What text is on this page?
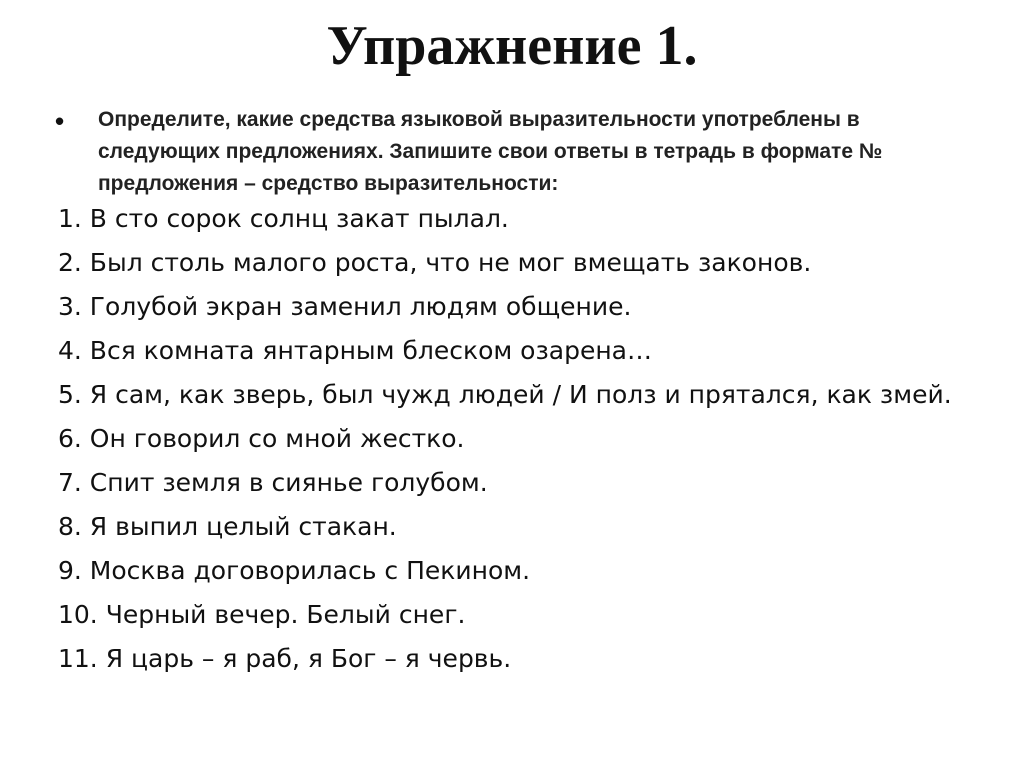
Упражнение 1.
• Определите, какие средства языковой выразительности употреблены в следующих предложениях. Запишите свои ответы в тетрадь в формате № предложения – средство выразительности:
1. В сто сорок солнц закат пылал.
2. Был столь малого роста, что не мог вмещать законов.
3. Голубой экран заменил людям общение.
4. Вся комната янтарным блеском озарена…
5. Я сам, как зверь, был чужд людей / И полз и прятался, как змей.
6. Он говорил со мной жестко.
7. Спит земля в сиянье голубом.
8. Я выпил целый стакан.
9. Москва договорилась с Пекином.
10. Черный вечер. Белый снег.
11. Я царь – я раб, я Бог – я червь.
